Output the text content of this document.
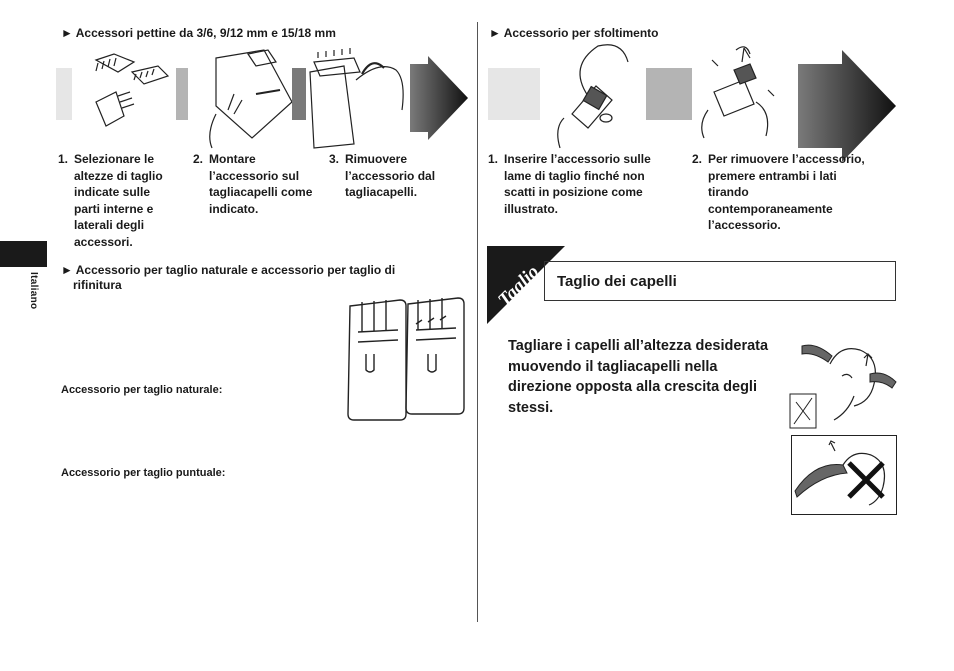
Italiano
► Accessori pettine da 3/6, 9/12 mm e 15/18 mm
1. Selezionare le
altezze di taglio
indicate sulle
parti interne e
laterali degli
accessori.
2. Montare
l’accessorio sul
tagliacapelli come
indicato.
3. Rimuovere
l’accessorio dal
tagliacapelli.
► Accessorio per taglio naturale e accessorio per taglio di
rifinitura
Accessorio per taglio naturale:
Accessorio per taglio puntuale:
► Accessorio per sfoltimento
1. Inserire l’accessorio sulle
lame di taglio finché non
scatti in posizione come
illustrato.
2. Per rimuovere l’accessorio,
premere entrambi i lati
tirando
contemporaneamente
l’accessorio.
Taglio Taglio dei capelli
Tagliare i capelli all’altezza desiderata
muovendo il tagliacapelli nella
direzione opposta alla crescita degli
stessi.
